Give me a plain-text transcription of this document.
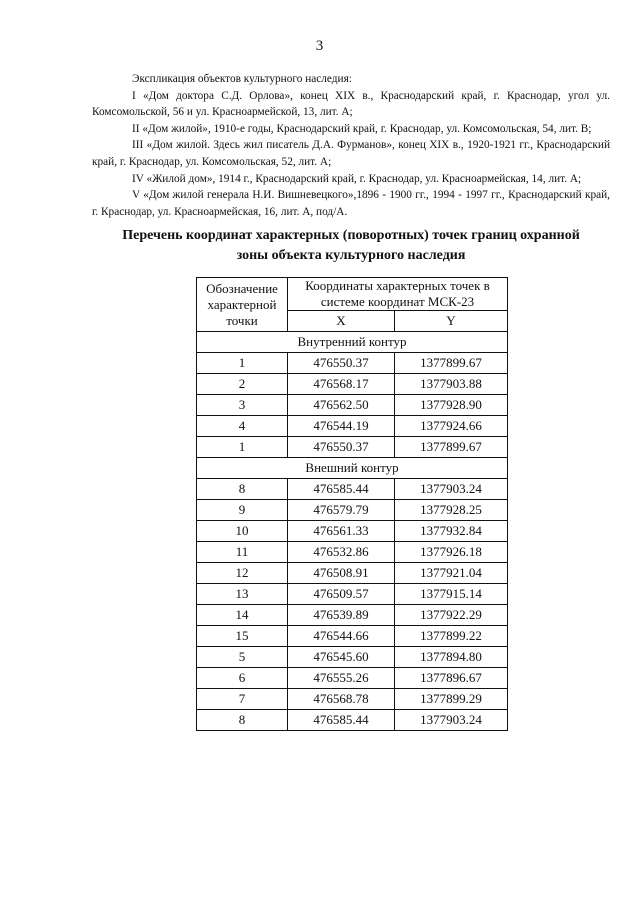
3

Экспликация объектов культурного наследия:

I «Дом доктора С.Д. Орлова», конец XIX в., Краснодарский край, г. Краснодар, угол ул. Комсомольской, 56 и ул. Красноармейской, 13, лит. А;

II «Дом жилой», 1910-е годы, Краснодарский край, г. Краснодар, ул. Комсомольская, 54, лит. В;

III «Дом жилой. Здесь жил писатель Д.А. Фурманов», конец XIX в., 1920-1921 гг., Краснодарский край, г. Краснодар, ул. Комсомольская, 52, лит. А;

IV «Жилой дом», 1914 г., Краснодарский край, г. Краснодар, ул. Красноармейская, 14, лит. А;

V «Дом жилой генерала Н.И. Вишневецкого»,1896 - 1900 гг., 1994 - 1997 гг., Краснодарский край, г. Краснодар, ул. Красноармейская, 16, лит. А, под/А.

Перечень координат характерных (поворотных) точек границ охранной
зоны объекта культурного наследия
Обозначение характерной точки	Координаты характерных точек в системе координат МСК-23	
	X	Y
Внутренний контур		
1	476550.37	1377899.67
2	476568.17	1377903.88
3	476562.50	1377928.90
4	476544.19	1377924.66
1	476550.37	1377899.67
Внешний контур		
8	476585.44	1377903.24
9	476579.79	1377928.25
10	476561.33	1377932.84
11	476532.86	1377926.18
12	476508.91	1377921.04
13	476509.57	1377915.14
14	476539.89	1377922.29
15	476544.66	1377899.22
5	476545.60	1377894.80
6	476555.26	1377896.67
7	476568.78	1377899.29
8	476585.44	1377903.24
